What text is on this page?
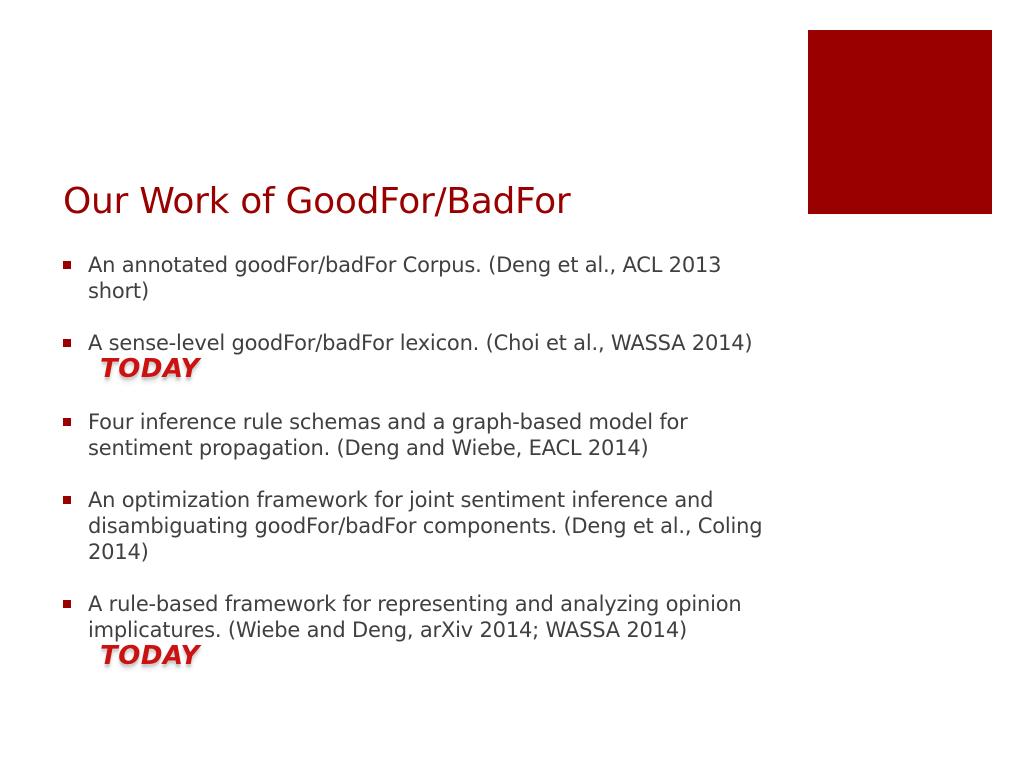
Our Work of GoodFor/BadFor
An annotated goodFor/badFor Corpus. (Deng et al., ACL 2013 short)
A sense-level goodFor/badFor lexicon. (Choi et al., WASSA 2014)TODAY
Four inference rule schemas and a graph-based model for sentiment propagation. (Deng and Wiebe, EACL 2014)
An optimization framework for joint sentiment inference and disambiguating goodFor/badFor components. (Deng et al., Coling 2014)
A rule-based framework for representing and analyzing opinion implicatures. (Wiebe and Deng, arXiv 2014; WASSA 2014)TODAY
